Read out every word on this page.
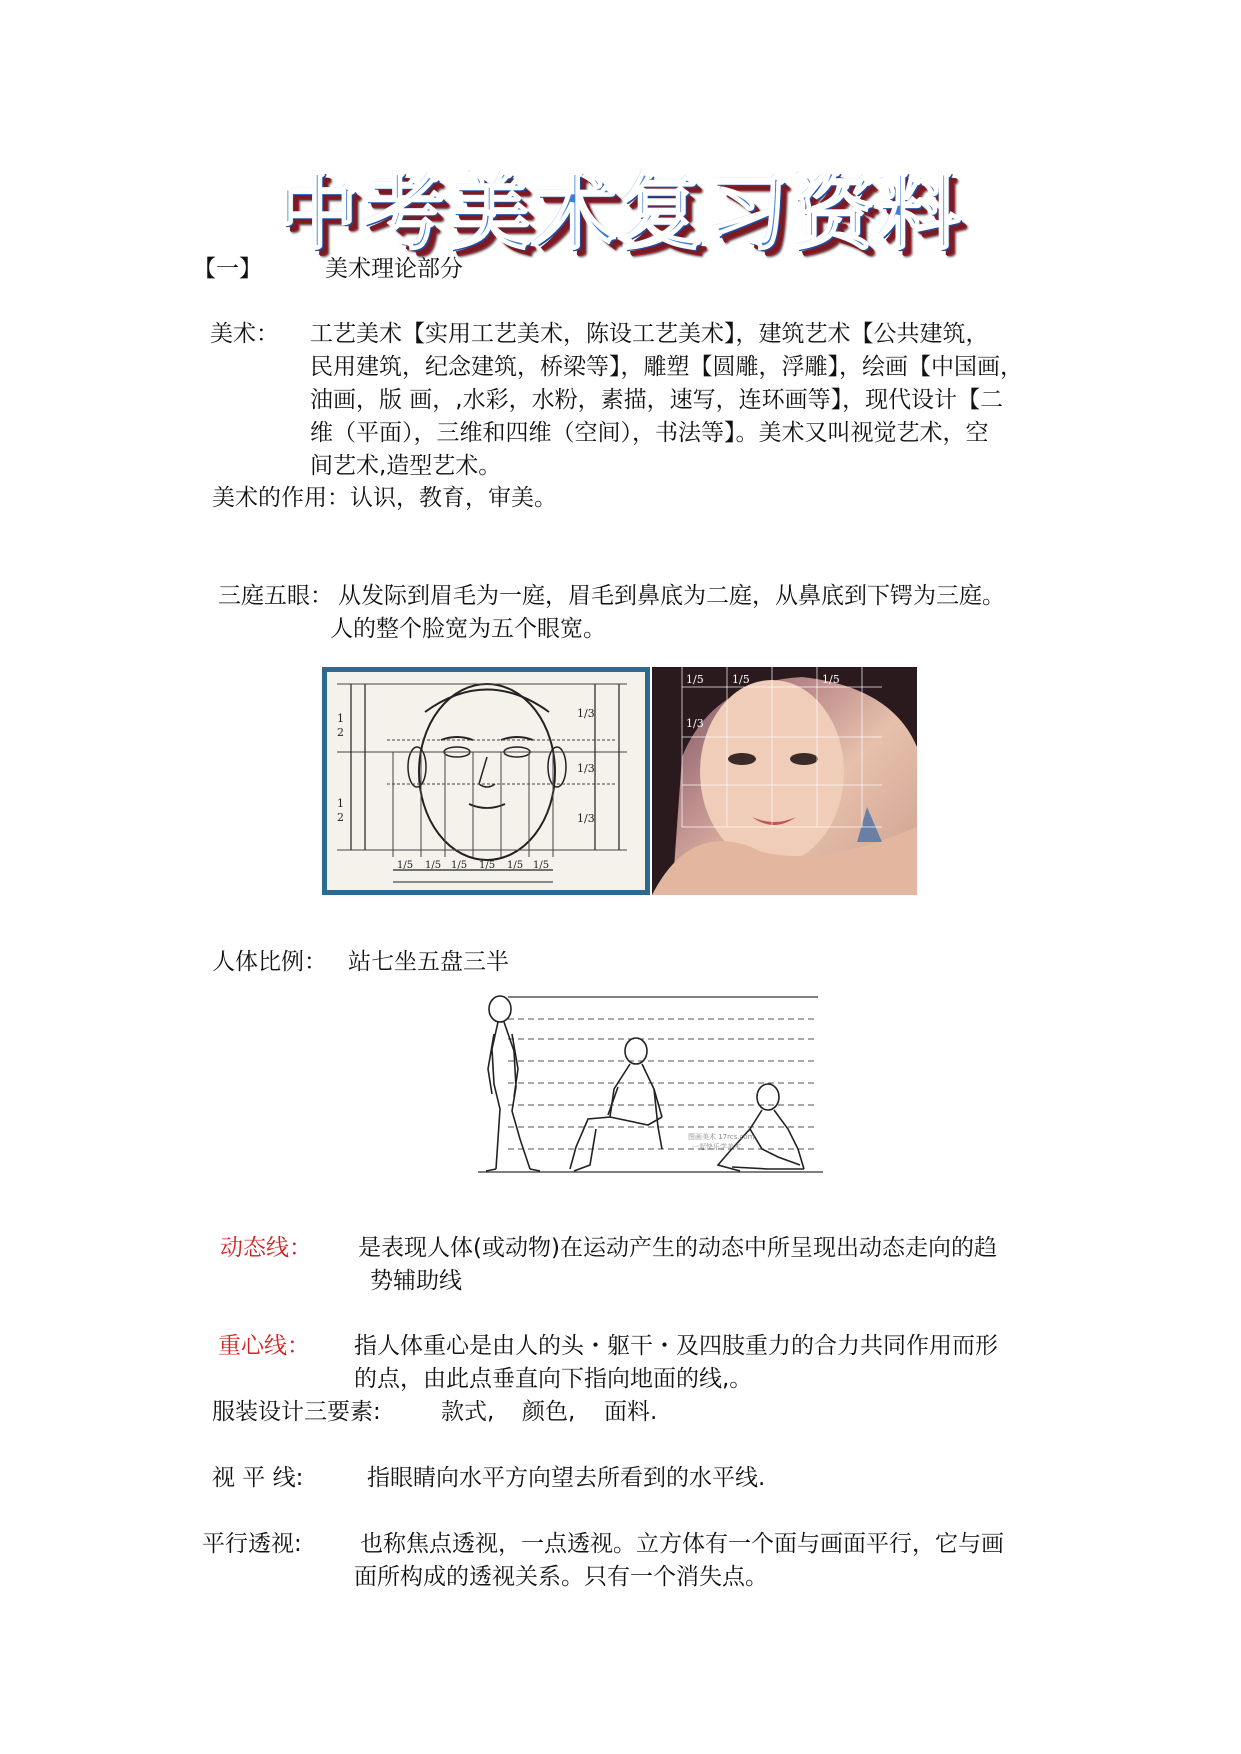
中考美术复习资料
【一】	美术理论部分
美术： 工艺美术【实用工艺美术，陈设工艺美术】，建筑艺术【公共建筑，
民用建筑，纪念建筑，桥梁等】，雕塑【圆雕，浮雕】，绘画【中国画，
油画，版 画，,水彩，水粉，素描，速写，连环画等】，现代设计【二
维（平面），三维和四维（空间），书法等】。美术又叫视觉艺术，空
间艺术,造型艺术。
美术的作用：认识，教育，审美。
三庭五眼： 从发际到眉毛为一庭，眉毛到鼻底为二庭，从鼻底到下锷为三庭。
人的整个脸宽为五个眼宽。
1
2
1
2
1/3
1/3
1/3
1/5 1/5 1/5 1/5 1/5 1/5
1/5	1/5	1/5
1/3
人体比例： 站七坐五盘三半
图画美术 17rcs.com
一起快乐学美术
动态线： 是表现人体(或动物)在运动产生的动态中所呈现出动态走向的趋
势辅助线
重心线： 指人体重心是由人的头・躯干・及四肢重力的合力共同作用而形
的点，由此点垂直向下指向地面的线,。
服装设计三要素:	款式, 颜色, 面料.
视 平 线:	指眼睛向水平方向望去所看到的水平线.
平行透视:	也称焦点透视，一点透视。立方体有一个面与画面平行，它与画
面所构成的透视关系。只有一个消失点。
